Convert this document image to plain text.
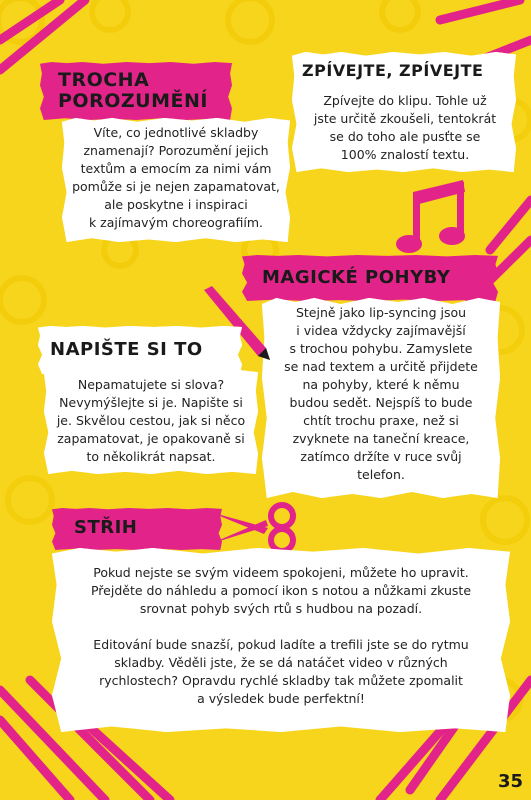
TROCHA
POROZUMĚNÍ
Víte, co jednotlivé skladby
znamenají? Porozumění jejich
textům a emocím za nimi vám
pomůže si je nejen zapamatovat,
ale poskytne i inspiraci
k zajímavým choreografiím.
ZPÍVEJTE, ZPÍVEJTE
Zpívejte do klipu. Tohle už
jste určitě zkoušeli, tentokrát
se do toho ale pusťte se
100% znalostí textu.
MAGICKÉ POHYBY
Stejně jako lip-syncing jsou
i videa vždycky zajímavější
s trochou pohybu. Zamyslete
se nad textem a určitě přijdete
na pohyby, které k němu
budou sedět. Nejspíš to bude
chtít trochu praxe, než si
zvyknete na taneční kreace,
zatímco držíte v ruce svůj
telefon.
NAPIŠTE SI TO
Nepamatujete si slova?
Nevymýšlejte si je. Napište si
je. Skvělou cestou, jak si něco
zapamatovat, je opakovaně si
to několikrát napsat.
STŘIH
Pokud nejste se svým videem spokojeni, můžete ho upravit.
Přejděte do náhledu a pomocí ikon s notou a nůžkami zkuste
srovnat pohyb svých rtů s hudbou na pozadí.
Editování bude snazší, pokud ladíte a trefili jste se do rytmu
skladby. Věděli jste, že se dá natáčet video v různých
rychlostech? Opravdu rychlé skladby tak můžete zpomalit
a výsledek bude perfektní!
35
